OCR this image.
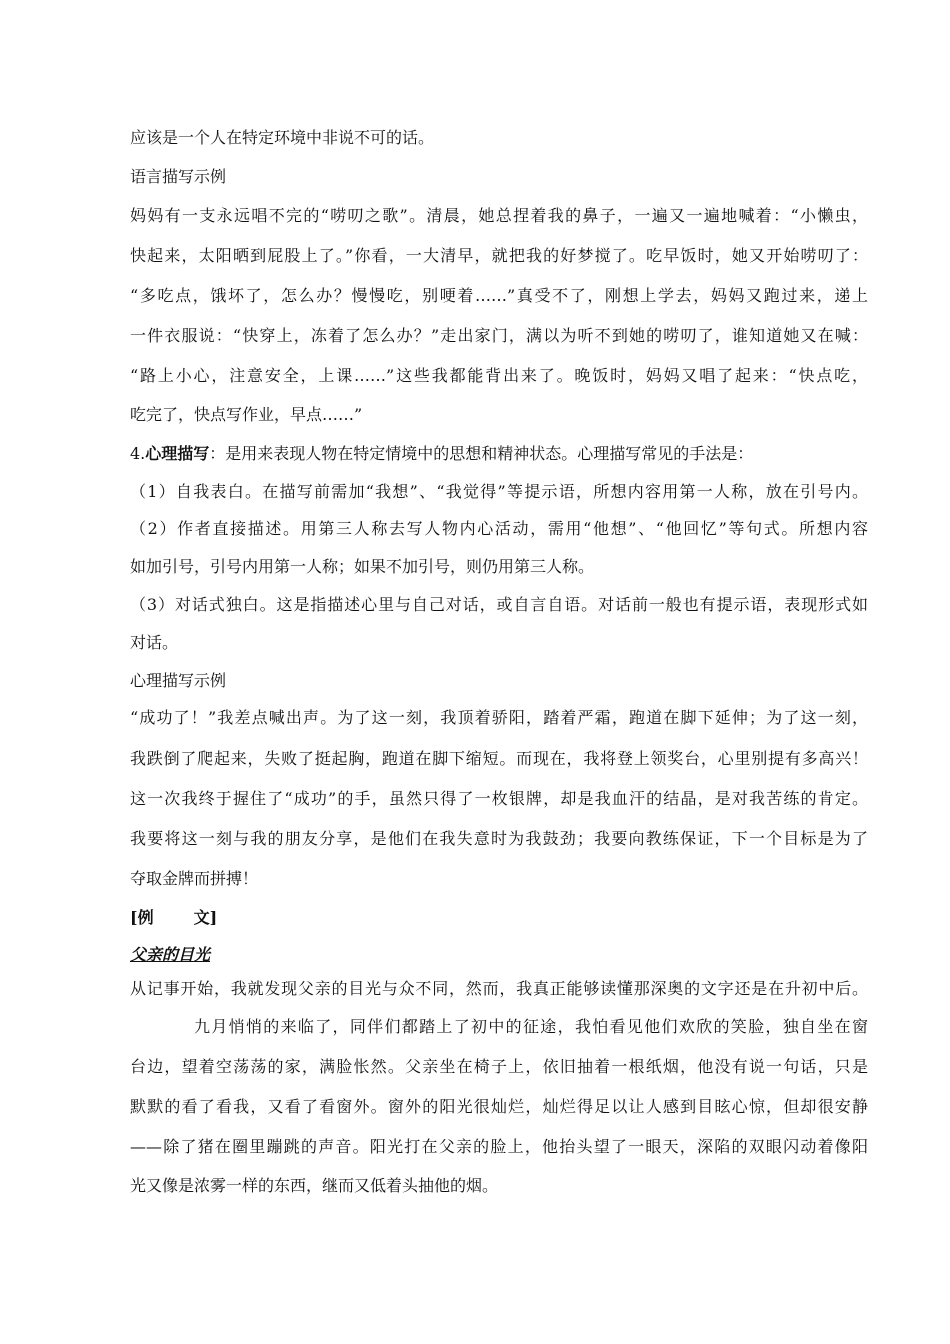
应该是一个人在特定环境中非说不可的话。
语言描写示例
妈妈有一支永远唱不完的“唠叨之歌”。清晨，她总捏着我的鼻子，一遍又一遍地喊着：“小懒虫，
快起来，太阳晒到屁股上了。”你看，一大清早，就把我的好梦搅了。吃早饭时，她又开始唠叨了：
“多吃点，饿坏了，怎么办？慢慢吃，别哽着……”真受不了，刚想上学去，妈妈又跑过来，递上
一件衣服说：“快穿上，冻着了怎么办？”走出家门，满以为听不到她的唠叨了，谁知道她又在喊：
“路上小心，注意安全，上课……”这些我都能背出来了。晚饭时，妈妈又唱了起来：“快点吃，
吃完了，快点写作业，早点……”
4.心理描写：是用来表现人物在特定情境中的思想和精神状态。心理描写常见的手法是：
（1）自我表白。在描写前需加“我想”、“我觉得”等提示语，所想内容用第一人称，放在引号内。
（2）作者直接描述。用第三人称去写人物内心活动，需用“他想”、“他回忆”等句式。所想内容
如加引号，引号内用第一人称；如果不加引号，则仍用第三人称。
（3）对话式独白。这是指描述心里与自己对话，或自言自语。对话前一般也有提示语，表现形式如
对话。
心理描写示例
“成功了！”我差点喊出声。为了这一刻，我顶着骄阳，踏着严霜，跑道在脚下延伸；为了这一刻，
我跌倒了爬起来，失败了挺起胸，跑道在脚下缩短。而现在，我将登上领奖台，心里别提有多高兴！
这一次我终于握住了“成功”的手，虽然只得了一枚银牌，却是我血汗的结晶，是对我苦练的肯定。
我要将这一刻与我的朋友分享，是他们在我失意时为我鼓劲；我要向教练保证，下一个目标是为了
夺取金牌而拼搏！
[例	文]
父亲的目光
从记事开始，我就发现父亲的目光与众不同，然而，我真正能够读懂那深奥的文字还是在升初中后。
九月悄悄的来临了，同伴们都踏上了初中的征途，我怕看见他们欢欣的笑脸，独自坐在窗
台边，望着空荡荡的家，满脸怅然。父亲坐在椅子上，依旧抽着一根纸烟，他没有说一句话，只是
默默的看了看我，又看了看窗外。窗外的阳光很灿烂，灿烂得足以让人感到目眩心惊，但却很安静
——除了猪在圈里蹦跳的声音。阳光打在父亲的脸上，他抬头望了一眼天，深陷的双眼闪动着像阳
光又像是浓雾一样的东西，继而又低着头抽他的烟。
